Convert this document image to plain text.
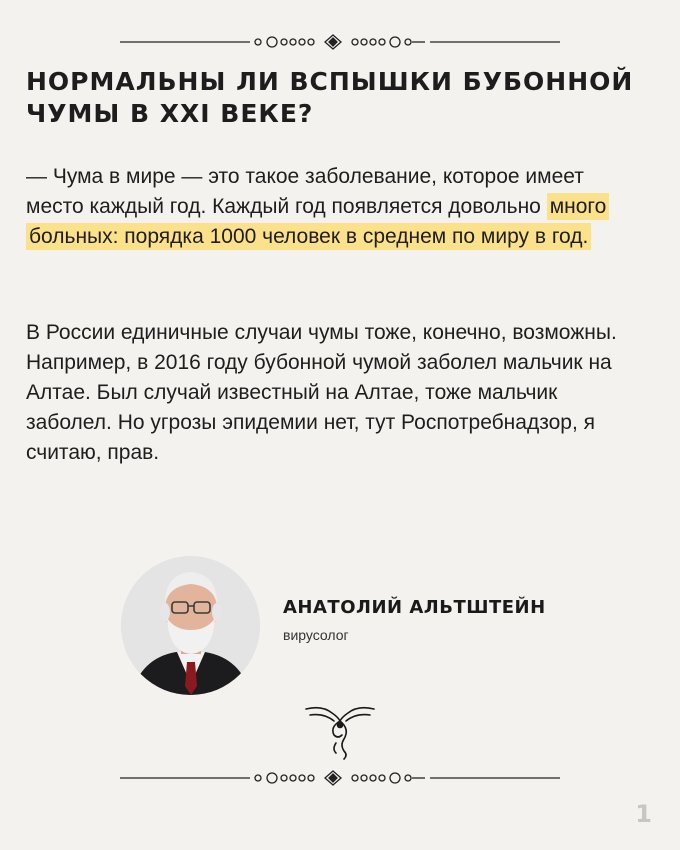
НОРМАЛЬНЫ ЛИ ВСПЫШКИ БУБОННОЙ ЧУМЫ В XXI ВЕКЕ?
— Чума в мире — это такое заболевание, которое имеет место каждый год. Каждый год появляется довольно много больных: порядка 1000 человек в среднем по миру в год.
В России единичные случаи чумы тоже, конечно, возможны. Например, в 2016 году бубонной чумой заболел мальчик на Алтае. Был случай известный на Алтае, тоже мальчик заболел. Но угрозы эпидемии нет, тут Роспотребнадзор, я считаю, прав.
АНАТОЛИЙ АЛЬТШТЕЙН
вирусолог
1
